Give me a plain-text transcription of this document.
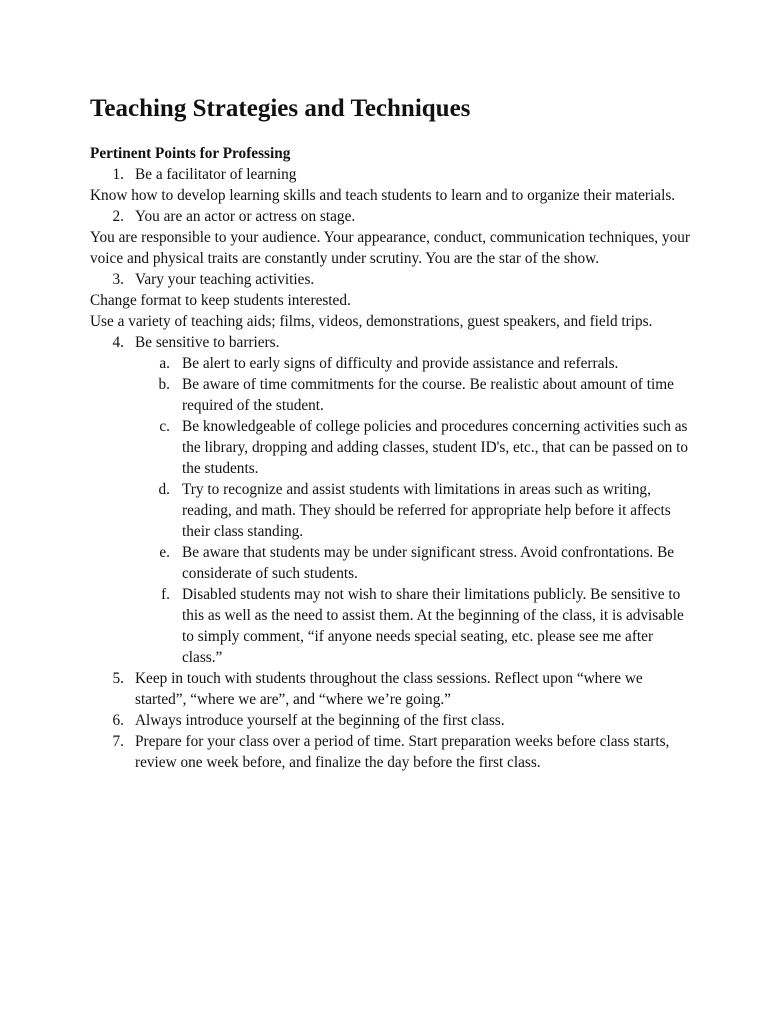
Teaching Strategies and Techniques
Pertinent Points for Professing
1. Be a facilitator of learning

Know how to develop learning skills and teach students to learn and to organize their materials.

2. You are an actor or actress on stage.

You are responsible to your audience. Your appearance, conduct, communication techniques, your voice and physical traits are constantly under scrutiny. You are the star of the show.

3. Vary your teaching activities.

Change format to keep students interested.

Use a variety of teaching aids; films, videos, demonstrations, guest speakers, and field trips.

4. Be sensitive to barriers.
a. Be alert to early signs of difficulty and provide assistance and referrals.
b. Be aware of time commitments for the course. Be realistic about amount of time required of the student.
c. Be knowledgeable of college policies and procedures concerning activities such as the library, dropping and adding classes, student ID's, etc., that can be passed on to the students.
d. Try to recognize and assist students with limitations in areas such as writing, reading, and math. They should be referred for appropriate help before it affects their class standing.
e. Be aware that students may be under significant stress. Avoid confrontations. Be considerate of such students.
f. Disabled students may not wish to share their limitations publicly. Be sensitive to this as well as the need to assist them. At the beginning of the class, it is advisable to simply comment, “if anyone needs special seating, etc. please see me after class.”
5. Keep in touch with students throughout the class sessions. Reflect upon “where we started”, “where we are”, and “where we’re going.”
6. Always introduce yourself at the beginning of the first class.
7. Prepare for your class over a period of time. Start preparation weeks before class starts, review one week before, and finalize the day before the first class.
